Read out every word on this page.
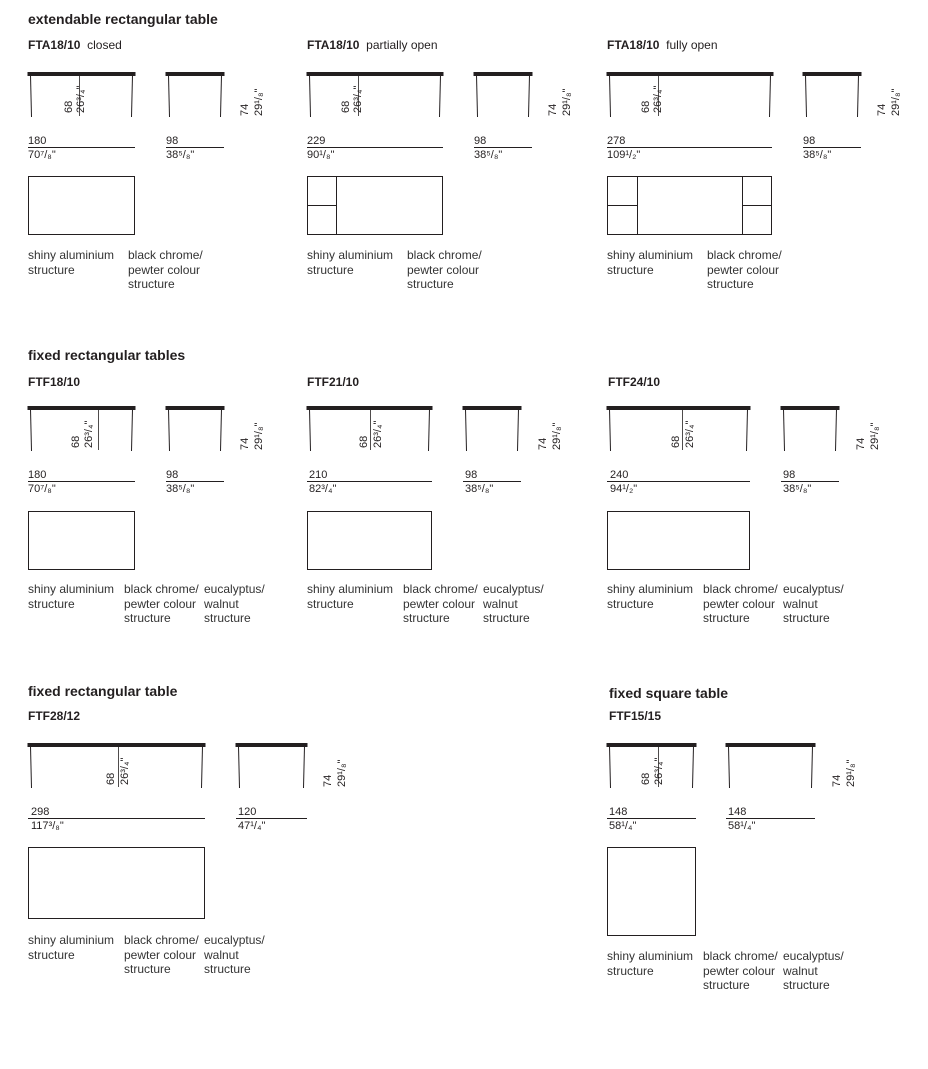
extendable rectangular table
FTA18/10 closed
68 26³/₄"	74 29¹/₈"
180
70⁷/₈"
98
38⁵/₈"
shiny aluminium structure
black chrome/ pewter colour structure
FTA18/10 partially open
68 26³/₄"	74 29¹/₈"
229
90¹/₈"
98
38⁵/₈"
shiny aluminium structure
black chrome/ pewter colour structure
FTA18/10 fully open
68 26³/₄"	74 29¹/₈"
278
109¹/₂"
98
38⁵/₈"
shiny aluminium structure
black chrome/ pewter colour structure
fixed rectangular tables
FTF18/10
68 26³/₄"	74 29¹/₈"
180
70⁷/₈"
98
38⁵/₈"
shiny aluminium structure
black chrome/ pewter colour structure
eucalyptus/ walnut structure
FTF21/10
68 26³/₄"	74 29¹/₈"
210
82³/₄"
98
38⁵/₈"
shiny aluminium structure
black chrome/ pewter colour structure
eucalyptus/ walnut structure
FTF24/10
68 26³/₄"	74 29¹/₈"
240
94¹/₂"
98
38⁵/₈"
shiny aluminium structure
black chrome/ pewter colour structure
eucalyptus/ walnut structure
fixed rectangular table
FTF28/12
68 26³/₄"	74 29¹/₈"
298
117³/₈"
120
47¹/₄"
shiny aluminium structure
black chrome/ pewter colour structure
eucalyptus/ walnut structure
fixed square table
FTF15/15
68 26³/₄"	74 29¹/₈"
148
58¹/₄"
148
58¹/₄"
shiny aluminium structure
black chrome/ pewter colour structure
eucalyptus/ walnut structure
